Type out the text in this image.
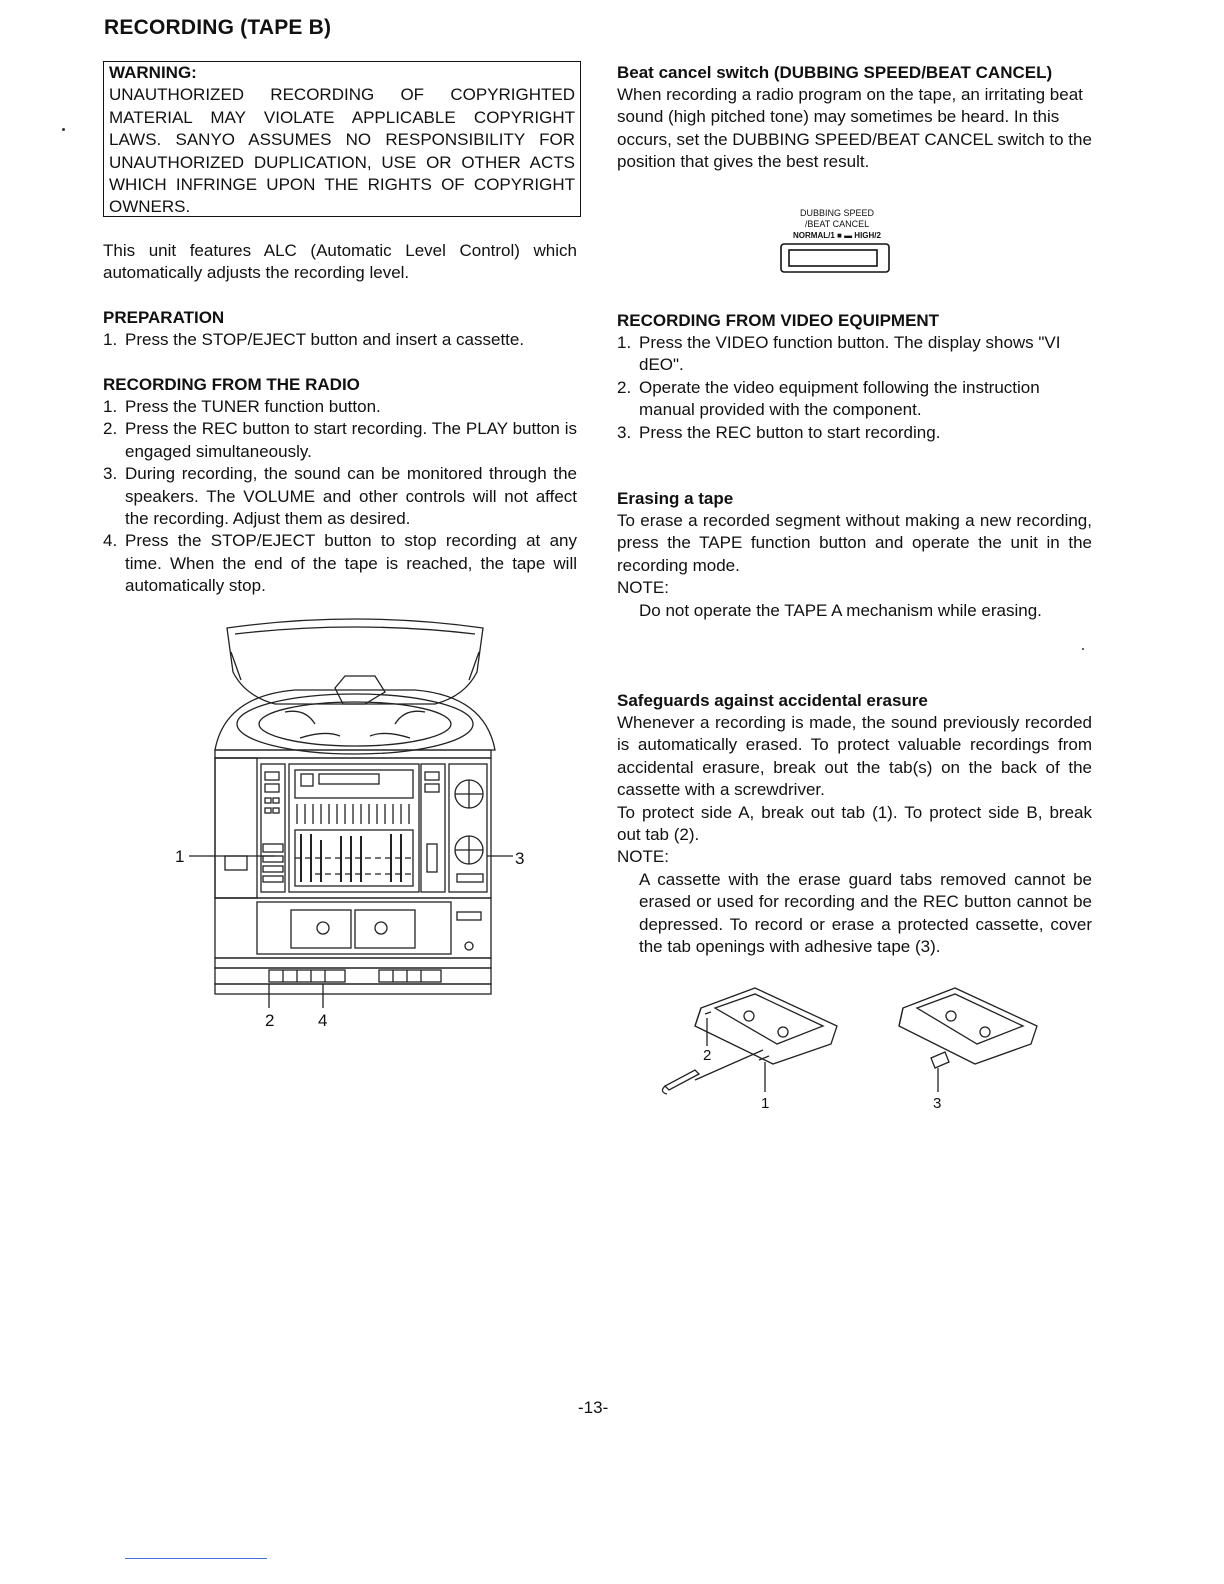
RECORDING (TAPE B)
WARNING:
UNAUTHORIZED RECORDING OF COPYRIGHTED MATERIAL MAY VIOLATE APPLICABLE COPYRIGHT LAWS. SANYO ASSUMES NO RESPONSIBILITY FOR UNAUTHORIZED DUPLICATION, USE OR OTHER ACTS WHICH INFRINGE UPON THE RIGHTS OF COPYRIGHT OWNERS.
This unit features ALC (Automatic Level Control) which automatically adjusts the recording level.
PREPARATION
1. Press the STOP/EJECT button and insert a cassette.
RECORDING FROM THE RADIO
1. Press the TUNER function button.
2. Press the REC button to start recording. The PLAY button is engaged simultaneously.
3. During recording, the sound can be monitored through the speakers. The VOLUME and other controls will not affect the recording. Adjust them as desired.
4. Press the STOP/EJECT button to stop recording at any time. When the end of the tape is reached, the tape will automatically stop.
1	3
2	4
Beat cancel switch (DUBBING SPEED/BEAT CANCEL)
When recording a radio program on the tape, an irritating beat sound (high pitched tone) may sometimes be heard. In this occurs, set the DUBBING SPEED/BEAT CANCEL switch to the position that gives the best result.
DUBBING SPEED
/BEAT CANCEL
NORMAL/1 ■ ▬ HIGH/2
RECORDING FROM VIDEO EQUIPMENT
1. Press the VIDEO function button. The display shows "VI dEO".
2. Operate the video equipment following the instruction manual provided with the component.
3. Press the REC button to start recording.
Erasing a tape
To erase a recorded segment without making a new recording, press the TAPE function button and operate the unit in the recording mode.
NOTE:
Do not operate the TAPE A mechanism while erasing.
Safeguards against accidental erasure
Whenever a recording is made, the sound previously recorded is automatically erased. To protect valuable recordings from accidental erasure, break out the tab(s) on the back of the cassette with a screwdriver.
To protect side A, break out tab (1). To protect side B, break out tab (2).
NOTE:
A cassette with the erase guard tabs removed cannot be erased or used for recording and the REC button cannot be depressed. To record or erase a protected cassette, cover the tab openings with adhesive tape (3).
2
1	3
-13-
